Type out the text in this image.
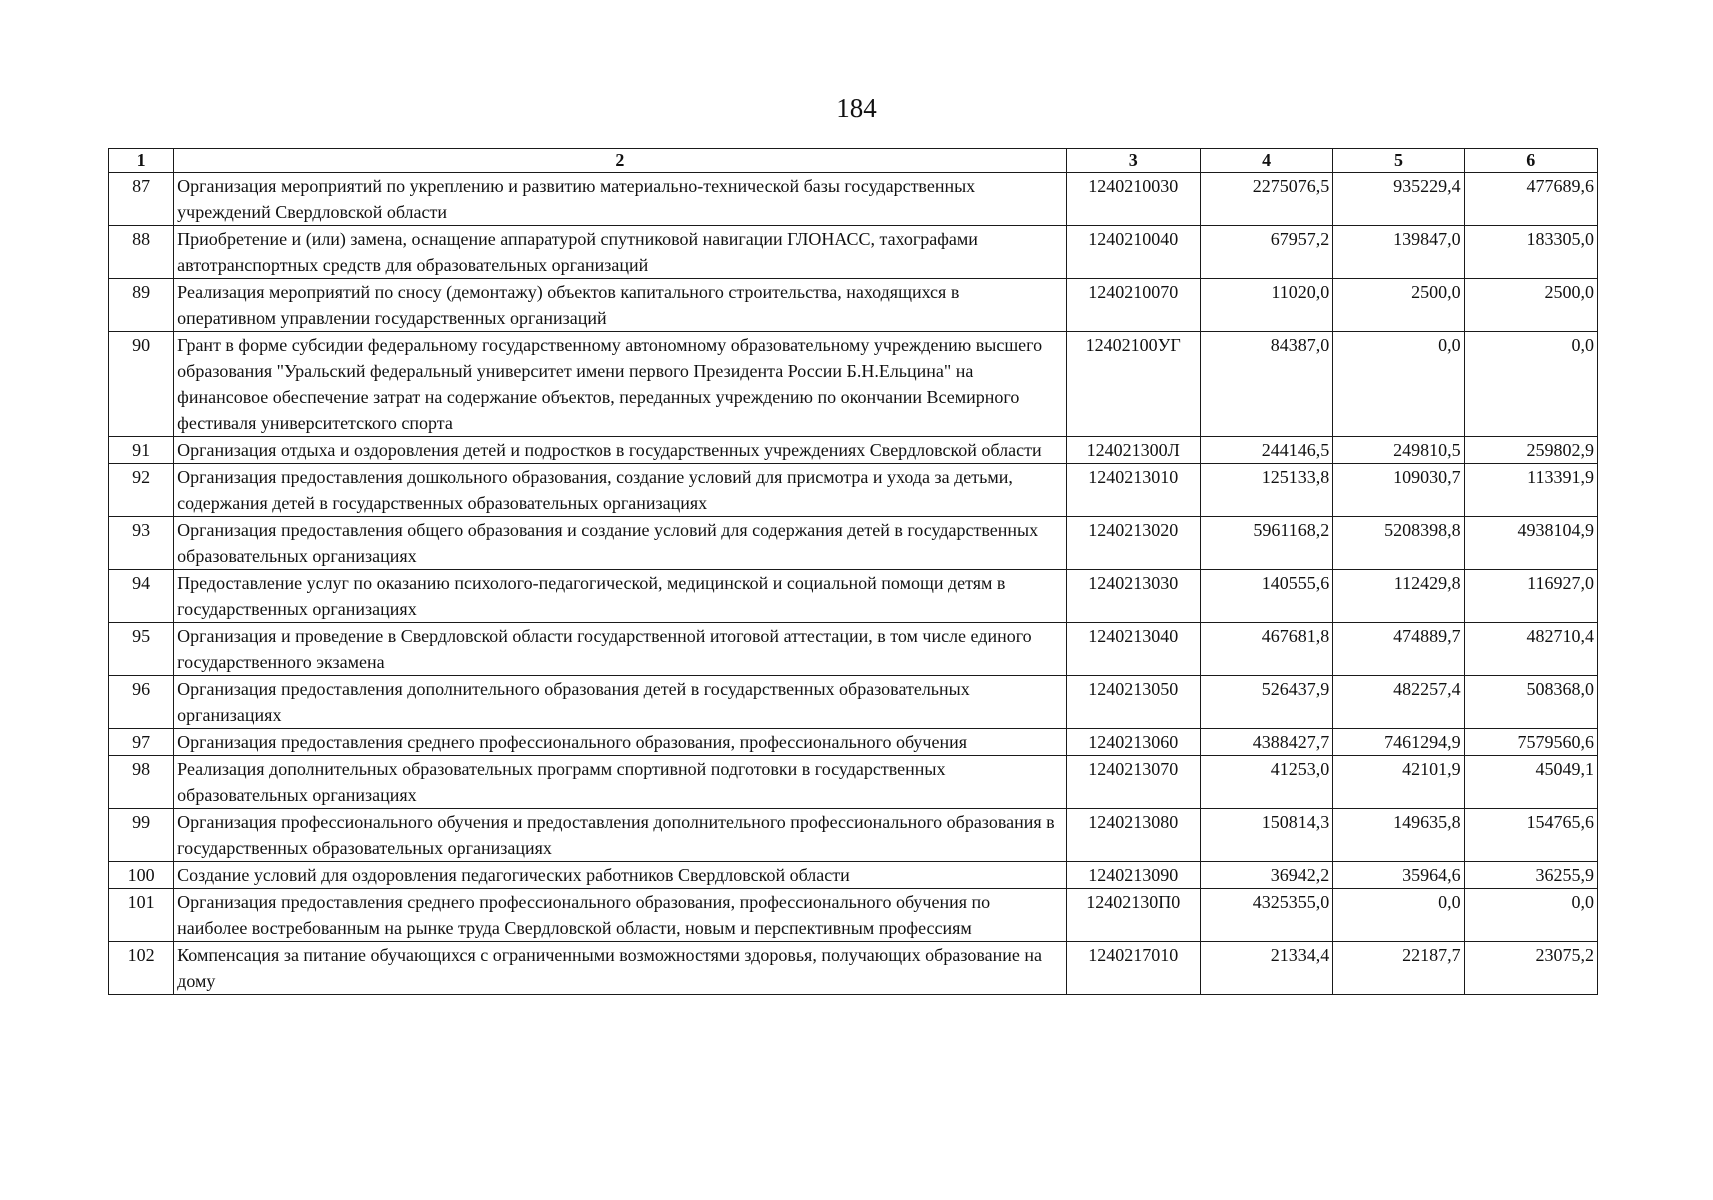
184
1	2	3	4	5	6
87	Организация мероприятий по укреплению и развитию материально-технической базы государственных учреждений Свердловской области	1240210030	2275076,5	935229,4	477689,6
88	Приобретение и (или) замена, оснащение аппаратурой спутниковой навигации ГЛОНАСС, тахографами автотранспортных средств для образовательных организаций	1240210040	67957,2	139847,0	183305,0
89	Реализация мероприятий по сносу (демонтажу) объектов капитального строительства, находящихся в оперативном управлении государственных организаций	1240210070	11020,0	2500,0	2500,0
90	Грант в форме субсидии федеральному государственному автономному образовательному учреждению высшего образования "Уральский федеральный университет имени первого Президента России Б.Н.Ельцина" на финансовое обеспечение затрат на содержание объектов, переданных учреждению по окончании Всемирного фестиваля университетского спорта	12402100УГ	84387,0	0,0	0,0
91	Организация отдыха и оздоровления детей и подростков в государственных учреждениях Свердловской области	124021300Л	244146,5	249810,5	259802,9
92	Организация предоставления дошкольного образования, создание условий для присмотра и ухода за детьми, содержания детей в государственных образовательных организациях	1240213010	125133,8	109030,7	113391,9
93	Организация предоставления общего образования и создание условий для содержания детей в государственных образовательных организациях	1240213020	5961168,2	5208398,8	4938104,9
94	Предоставление услуг по оказанию психолого-педагогической, медицинской и социальной помощи детям в государственных организациях	1240213030	140555,6	112429,8	116927,0
95	Организация и проведение в Свердловской области государственной итоговой аттестации, в том числе единого государственного экзамена	1240213040	467681,8	474889,7	482710,4
96	Организация предоставления дополнительного образования детей в государственных образовательных организациях	1240213050	526437,9	482257,4	508368,0
97	Организация предоставления среднего профессионального образования, профессионального обучения	1240213060	4388427,7	7461294,9	7579560,6
98	Реализация дополнительных образовательных программ спортивной подготовки в государственных образовательных организациях	1240213070	41253,0	42101,9	45049,1
99	Организация профессионального обучения и предоставления дополнительного профессионального образования в государственных образовательных организациях	1240213080	150814,3	149635,8	154765,6
100	Создание условий для оздоровления педагогических работников Свердловской области	1240213090	36942,2	35964,6	36255,9
101	Организация предоставления среднего профессионального образования, профессионального обучения по наиболее востребованным на рынке труда Свердловской области, новым и перспективным профессиям	12402130П0	4325355,0	0,0	0,0
102	Компенсация за питание обучающихся с ограниченными возможностями здоровья, получающих образование на дому	1240217010	21334,4	22187,7	23075,2
